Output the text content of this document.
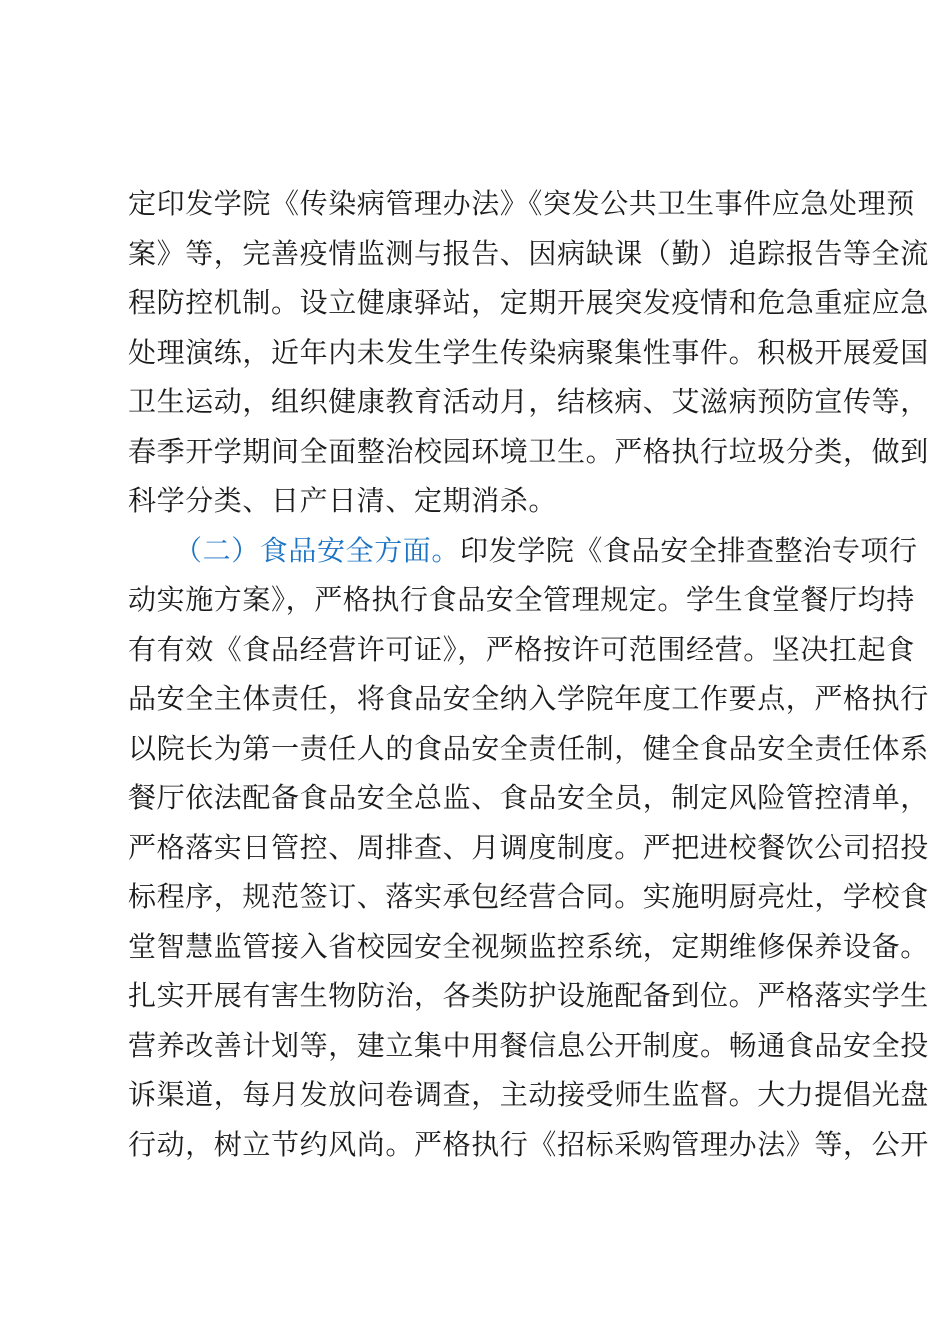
定印发学院《传染病管理办法》《突发公共卫生事件应急处理预
案》等，完善疫情监测与报告、因病缺课（勤）追踪报告等全流
程防控机制。设立健康驿站，定期开展突发疫情和危急重症应急
处理演练，近年内未发生学生传染病聚集性事件。积极开展爱国
卫生运动，组织健康教育活动月，结核病、艾滋病预防宣传等，
春季开学期间全面整治校园环境卫生。严格执行垃圾分类，做到
科学分类、日产日清、定期消杀。
（二）食品安全方面。印发学院《食品安全排查整治专项行
动实施方案》，严格执行食品安全管理规定。学生食堂餐厅均持
有有效《食品经营许可证》，严格按许可范围经营。坚决扛起食
品安全主体责任，将食品安全纳入学院年度工作要点，严格执行
以院长为第一责任人的食品安全责任制，健全食品安全责任体系
餐厅依法配备食品安全总监、食品安全员，制定风险管控清单，
严格落实日管控、周排查、月调度制度。严把进校餐饮公司招投
标程序，规范签订、落实承包经营合同。实施明厨亮灶，学校食
堂智慧监管接入省校园安全视频监控系统，定期维修保养设备。
扎实开展有害生物防治，各类防护设施配备到位。严格落实学生
营养改善计划等，建立集中用餐信息公开制度。畅通食品安全投
诉渠道，每月发放问卷调查，主动接受师生监督。大力提倡光盘
行动，树立节约风尚。严格执行《招标采购管理办法》等，公开
